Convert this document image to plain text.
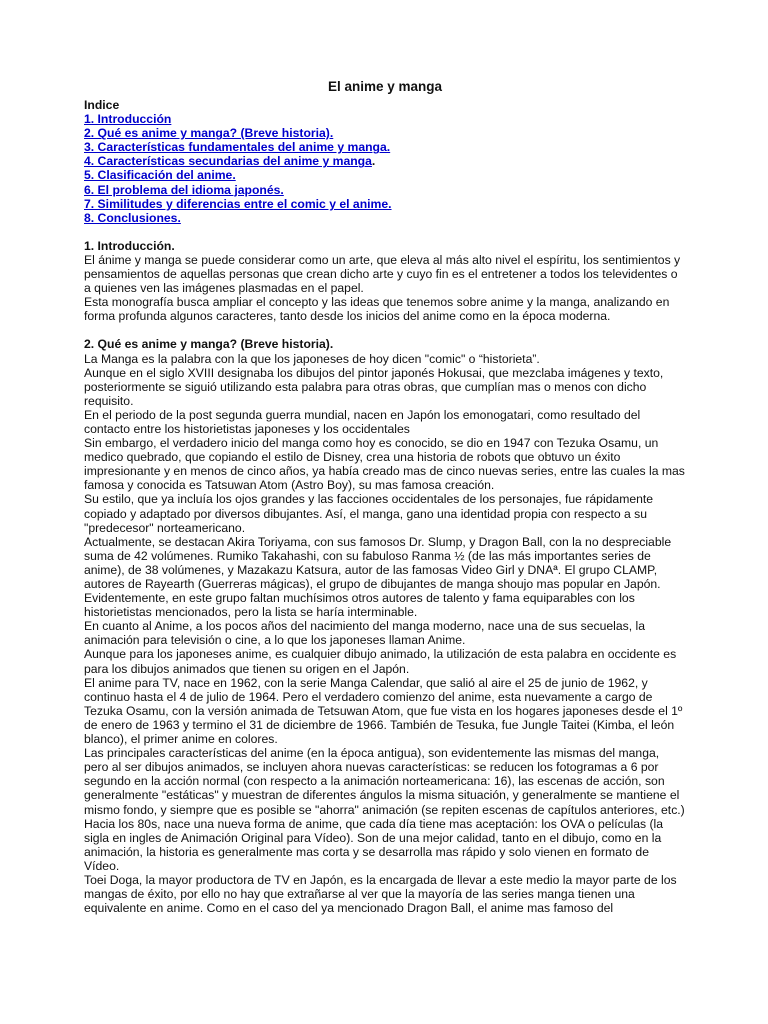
El anime y manga
Indice
1. Introducción
2. Qué es anime y manga? (Breve historia).
3. Características fundamentales del anime y manga.
4. Características secundarias del anime y manga.
5. Clasificación del anime.
6. El problema del idioma japonés.
7. Similitudes y diferencias entre el comic y el anime.
8. Conclusiones.
1. Introducción.

El ánime y manga se puede considerar como un arte, que eleva al más alto nivel el espíritu, los sentimientos y pensamientos de aquellas personas que crean dicho arte y cuyo fin es el entretener a todos los televidentes o a quienes ven las imágenes plasmadas en el papel.

Esta monografía busca ampliar el concepto y las ideas que tenemos sobre anime y la manga, analizando en forma profunda algunos caracteres, tanto desde los inicios del anime como en la época moderna.

2. Qué es anime y manga? (Breve historia).

La Manga es la palabra con la que los japoneses de hoy dicen "comic" o “historieta”.

Aunque en el siglo XVIII designaba los dibujos del pintor japonés Hokusai, que mezclaba imágenes y texto, posteriormente se siguió utilizando esta palabra para otras obras, que cumplían mas o menos con dicho requisito.

En el periodo de la post segunda guerra mundial, nacen en Japón los emonogatari, como resultado del contacto entre los historietistas japoneses y los occidentales

Sin embargo, el verdadero inicio del manga como hoy es conocido, se dio en 1947 con Tezuka Osamu, un medico quebrado, que copiando el estilo de Disney, crea una historia de robots que obtuvo un éxito impresionante y en menos de cinco años, ya había creado mas de cinco nuevas series, entre las cuales la mas famosa y conocida es Tatsuwan Atom (Astro Boy), su mas famosa creación.

Su estilo, que ya incluía los ojos grandes y las facciones occidentales de los personajes, fue rápidamente copiado y adaptado por diversos dibujantes. Así, el manga, gano una identidad propia con respecto a su "predecesor" norteamericano.

Actualmente, se destacan Akira Toriyama, con sus famosos Dr. Slump, y Dragon Ball, con la no despreciable suma de 42 volúmenes. Rumiko Takahashi, con su fabuloso Ranma ½ (de las más importantes series de anime), de 38 volúmenes, y Mazakazu Katsura, autor de las famosas Video Girl y DNAª. El grupo CLAMP, autores de Rayearth (Guerreras mágicas), el grupo de dibujantes de manga shoujo mas popular en Japón. Evidentemente, en este grupo faltan muchísimos otros autores de talento y fama equiparables con los historietistas mencionados, pero la lista se haría interminable.

En cuanto al Anime, a los pocos años del nacimiento del manga moderno, nace una de sus secuelas, la animación para televisión o cine, a lo que los japoneses llaman Anime.

Aunque para los japoneses anime, es cualquier dibujo animado, la utilización de esta palabra en occidente es para los dibujos animados que tienen su origen en el Japón.

El anime para TV, nace en 1962, con la serie Manga Calendar, que salió al aire el 25 de junio de 1962, y continuo hasta el 4 de julio de 1964. Pero el verdadero comienzo del anime, esta nuevamente a cargo de Tezuka Osamu, con la versión animada de Tetsuwan Atom, que fue vista en los hogares japoneses desde el 1º de enero de 1963 y termino el 31 de diciembre de 1966. También de Tesuka, fue Jungle Taitei (Kimba, el león blanco), el primer anime en colores.

Las principales características del anime (en la época antigua), son evidentemente las mismas del manga, pero al ser dibujos animados, se incluyen ahora nuevas características: se reducen los fotogramas a 6 por segundo en la acción normal (con respecto a la animación norteamericana: 16), las escenas de acción, son generalmente "estáticas" y muestran de diferentes ángulos la misma situación, y generalmente se mantiene el mismo fondo, y siempre que es posible se "ahorra" animación (se repiten escenas de capítulos anteriores, etc.)

Hacia los 80s, nace una nueva forma de anime, que cada día tiene mas aceptación: los OVA o películas (la sigla en ingles de Animación Original para Vídeo). Son de una mejor calidad, tanto en el dibujo, como en la animación, la historia es generalmente mas corta y se desarrolla mas rápido y solo vienen en formato de Vídeo.

Toei Doga, la mayor productora de TV en Japón, es la encargada de llevar a este medio la mayor parte de los mangas de éxito, por ello no hay que extrañarse al ver que la mayoría de las series manga tienen una equivalente en anime. Como en el caso del ya mencionado Dragon Ball, el anime mas famoso del
